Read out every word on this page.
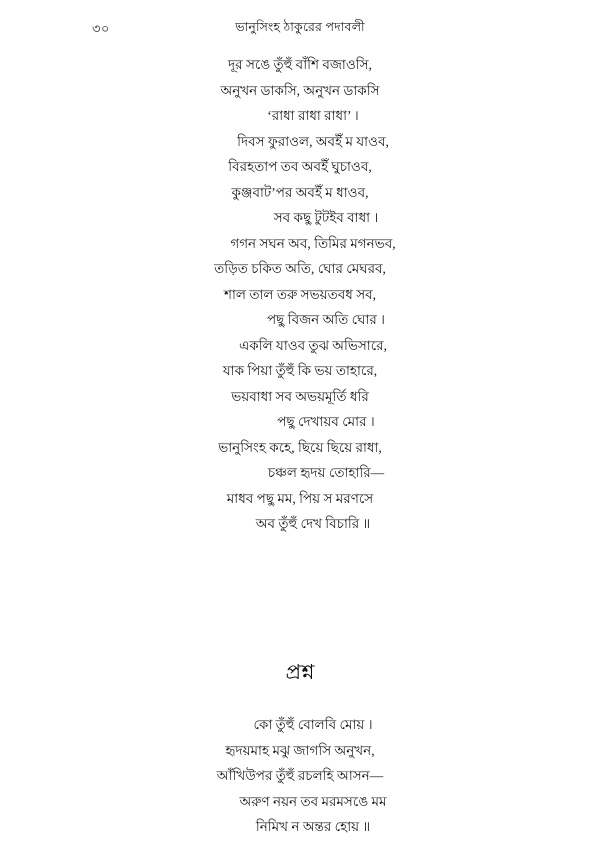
৩০	ভানুসিংহ ঠাকুরের পদাবলী
দূর সঙে তুঁহুঁ বাঁশি বজাওসি,
অনুখন ডাকসি, অনুখন ডাকসি
‘রাধা রাধা রাধা’ ।
দিবস ফুরাওল, অবইঁ ম যাওব,
বিরহতাপ তব অবইঁ ঘুচাওব,
কুঞ্জবাট’পর অবইঁ ম ধাওব,
সব কছু টুটইব বাধা ।
গগন সঘন অব, তিমির মগনভব,
তড়িত চকিত অতি, ঘোর মেঘরব,
শাল তাল তরু সভয়তবধ সব,
পছু বিজন অতি ঘোর ।
একলি যাওব তুঝ অভিসারে,
যাক পিয়া তুঁহুঁ কি ভয় তাহারে,
ভয়বাধা সব অভয়মূর্তি ধরি
পছু দেখায়ব মোর ।
ভানুসিংহ কহে, ছিয়ে ছিয়ে রাধা,
চঞ্চল হৃদয় তোহারি—
মাধব পছু মম, পিয় স মরণসে
অব তুঁহুঁ দেখ বিচারি ॥
প্রশ্ন
কো তুঁহুঁ বোলবি মোয় ।
হৃদয়মাহ মঝু জাগসি অনুখন,
আঁখিউপর তুঁহুঁ রচলহি আসন—
অরুণ নয়ন তব মরমসঙে মম
নিমিখ ন অন্তর হোয় ॥
